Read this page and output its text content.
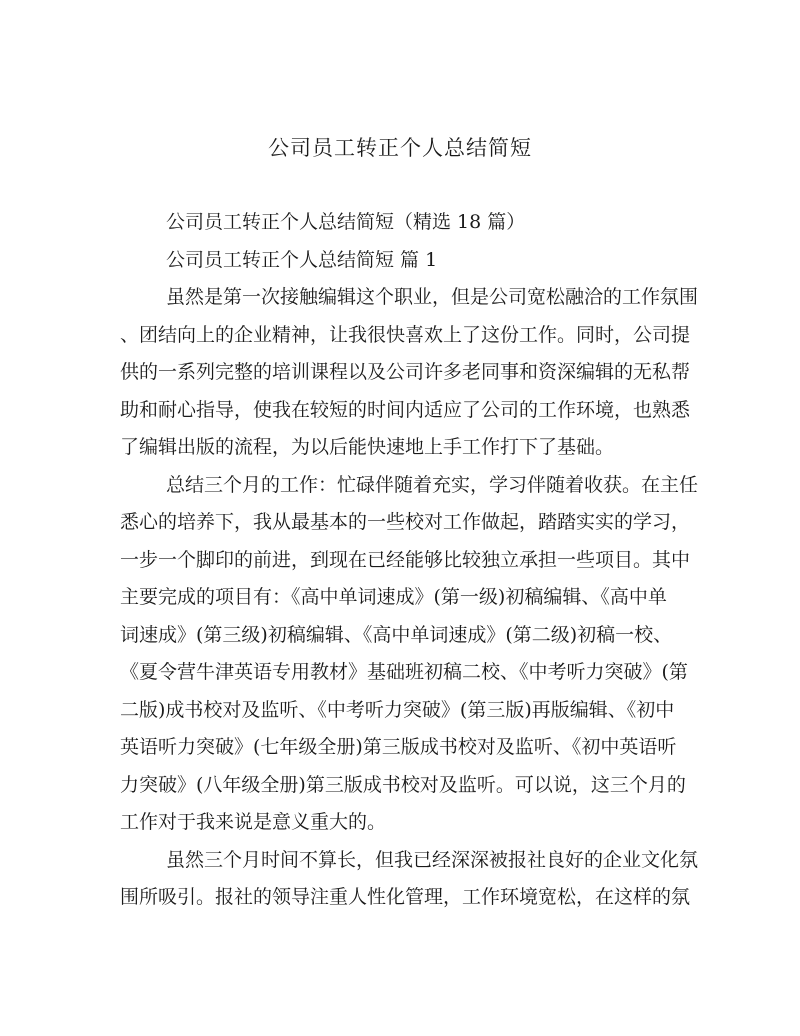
公司员工转正个人总结简短

公司员工转正个人总结简短（精选 18 篇）

公司员工转正个人总结简短 篇 1

虽然是第一次接触编辑这个职业，但是公司宽松融洽的工作氛围
、团结向上的企业精神，让我很快喜欢上了这份工作。同时，公司提
供的一系列完整的培训课程以及公司许多老同事和资深编辑的无私帮
助和耐心指导，使我在较短的时间内适应了公司的工作环境，也熟悉
了编辑出版的流程，为以后能快速地上手工作打下了基础。

总结三个月的工作：忙碌伴随着充实，学习伴随着收获。在主任
悉心的培养下，我从最基本的一些校对工作做起，踏踏实实的学习，
一步一个脚印的前进，到现在已经能够比较独立承担一些项目。其中
主要完成的项目有：《高中单词速成》(第一级)初稿编辑、《高中单
词速成》(第三级)初稿编辑、《高中单词速成》(第二级)初稿一校、
《夏令营牛津英语专用教材》基础班初稿二校、《中考听力突破》(第
二版)成书校对及监听、《中考听力突破》(第三版)再版编辑、《初中
英语听力突破》(七年级全册)第三版成书校对及监听、《初中英语听
力突破》(八年级全册)第三版成书校对及监听。可以说，这三个月的
工作对于我来说是意义重大的。

虽然三个月时间不算长，但我已经深深被报社良好的企业文化氛
围所吸引。报社的领导注重人性化管理，工作环境宽松，在这样的氛
